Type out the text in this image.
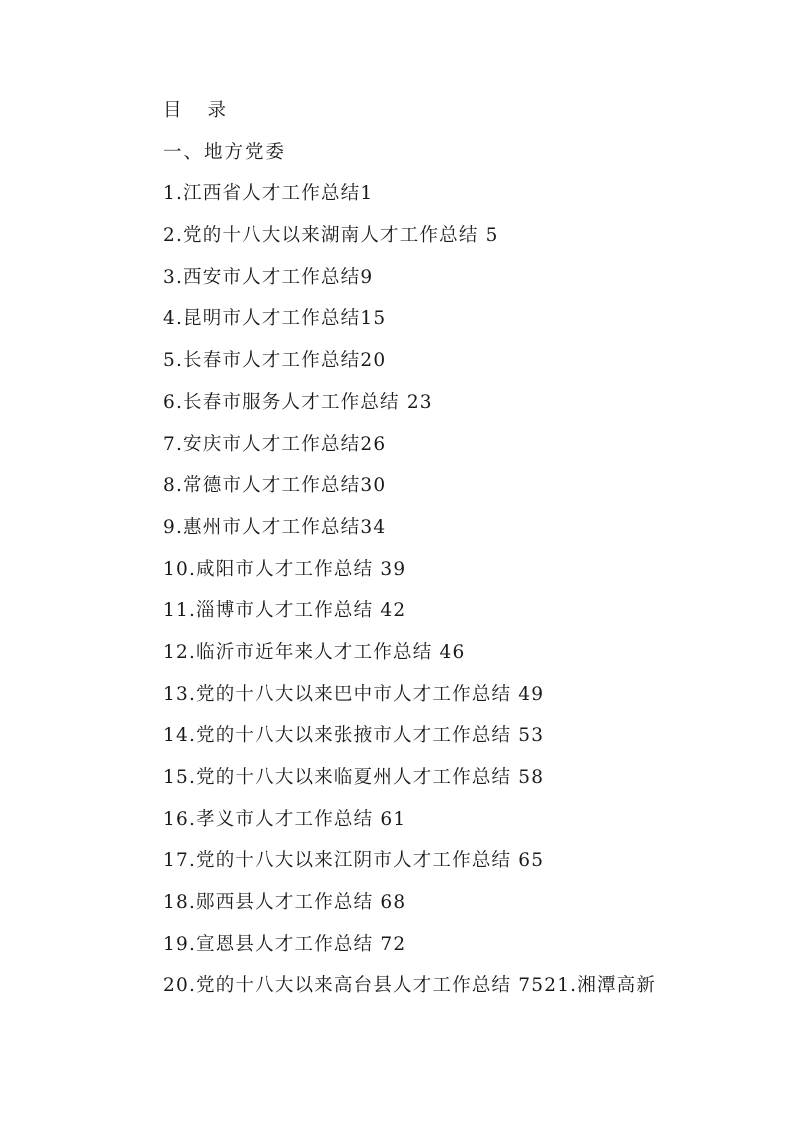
目 录
一、地方党委
1.江西省人才工作总结1
2.党的十八大以来湖南人才工作总结 5
3.西安市人才工作总结9
4.昆明市人才工作总结15
5.长春市人才工作总结20
6.长春市服务人才工作总结 23
7.安庆市人才工作总结26
8.常德市人才工作总结30
9.惠州市人才工作总结34
10.咸阳市人才工作总结 39
11.淄博市人才工作总结 42
12.临沂市近年来人才工作总结 46
13.党的十八大以来巴中市人才工作总结 49
14.党的十八大以来张掖市人才工作总结 53
15.党的十八大以来临夏州人才工作总结 58
16.孝义市人才工作总结 61
17.党的十八大以来江阴市人才工作总结 65
18.郧西县人才工作总结 68
19.宣恩县人才工作总结 72
20.党的十八大以来高台县人才工作总结 7521.湘潭高新
